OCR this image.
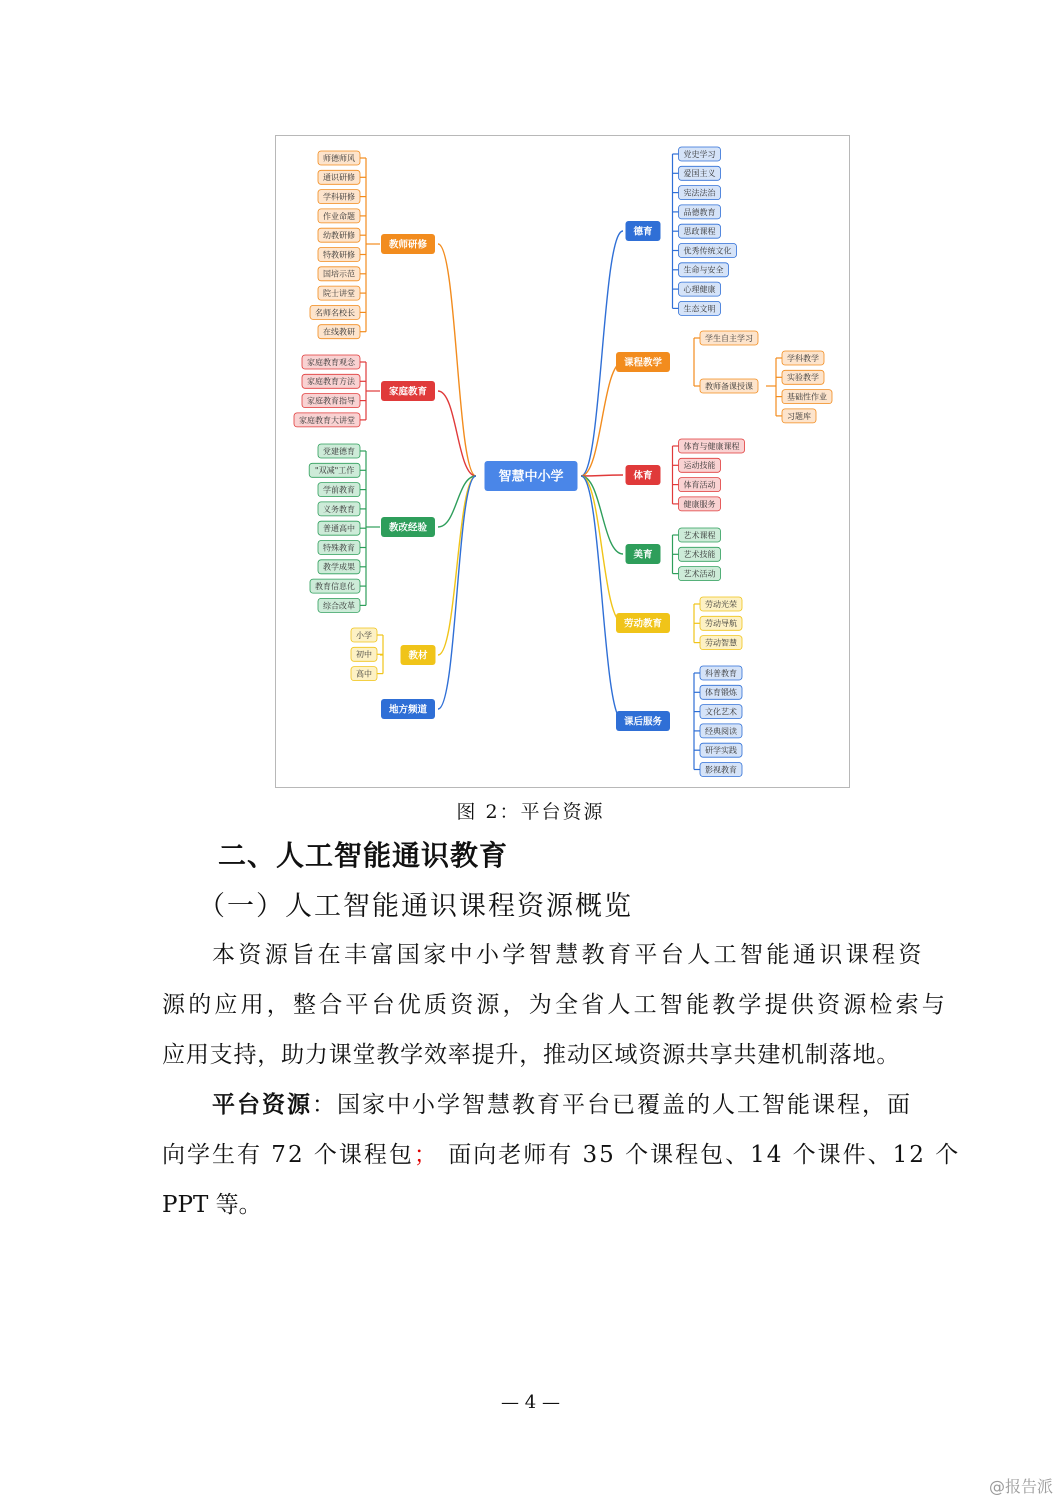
师德师风
通识研修
学科研修
作业命题
幼教研修
特教研修
国培示范
院士讲堂
名师名校长
在线教研
教师研修
家庭教育观念
家庭教育方法
家庭教育指导
家庭教育大讲堂
家庭教育
党建德育
"双减"工作
学前教育
义务教育
普通高中
特殊教育
教学成果
教育信息化
综合改革
教改经验
小学
初中
高中
教材
地方频道
党史学习
爱国主义
宪法法治
品德教育
思政课程
优秀传统文化
生命与安全
心理健康
生态文明
德育
学生自主学习
教师备课授课
学科教学
实验教学
基础性作业
习题库
课程教学
体育与健康课程
运动技能
体育活动
健康服务
体育
艺术课程
艺术技能
艺术活动
美育
劳动光荣
劳动导航
劳动智慧
劳动教育
科普教育
体育锻炼
文化艺术
经典阅读
研学实践
影视教育
课后服务
智慧中小学
图 2：平台资源
二、人工智能通识教育
（一）人工智能通识课程资源概览
本资源旨在丰富国家中小学智慧教育平台人工智能通识课程资
源的应用，整合平台优质资源，为全省人工智能教学提供资源检索与
应用支持，助力课堂教学效率提升，推动区域资源共享共建机制落地。
平台资源：国家中小学智慧教育平台已覆盖的人工智能课程，面
向学生有 72 个课程包； 面向老师有 35 个课程包、14 个课件、12 个
PPT 等。
— 4 —
@报告派
